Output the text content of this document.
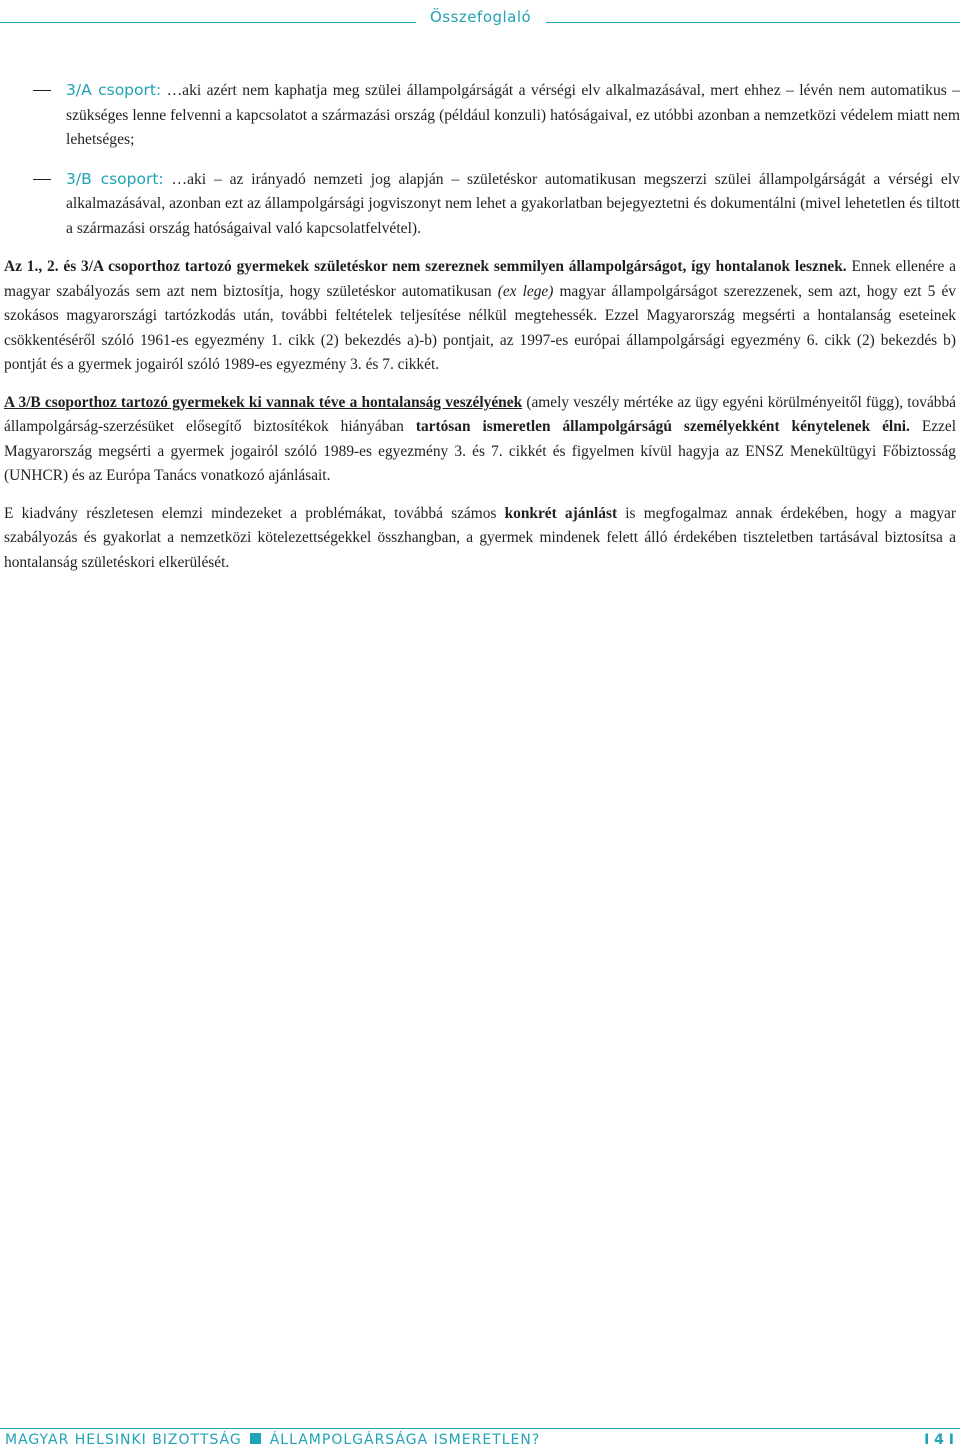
Összefoglaló
3/A csoport: …aki azért nem kaphatja meg szülei állampolgárságát a vérségi elv alkalmazásával, mert ehhez – lévén nem automatikus – szükséges lenne felvenni a kapcsolatot a származási ország (például konzuli) hatóságaival, ez utóbbi azonban a nemzetközi védelem miatt nem lehetséges;
3/B csoport: …aki – az irányadó nemzeti jog alapján – születéskor automatikusan megszerzi szülei állampolgárságát a vérségi elv alkalmazásával, azonban ezt az állampolgársági jogviszonyt nem lehet a gyakorlatban bejegyeztetni és dokumentálni (mivel lehetetlen és tiltott a származási ország hatóságaival való kapcsolatfelvétel).

Az 1., 2. és 3/A csoporthoz tartozó gyermekek születéskor nem szereznek semmilyen állampolgárságot, így hontalanok lesznek. Ennek ellenére a magyar szabályozás sem azt nem biztosítja, hogy születéskor automatikusan (ex lege) magyar állampolgárságot szerezzenek, sem azt, hogy ezt 5 év szokásos magyarországi tartózkodás után, további feltételek teljesítése nélkül megtehessék. Ezzel Magyarország megsérti a hontalanság eseteinek csökkentéséről szóló 1961-es egyezmény 1. cikk (2) bekezdés a)-b) pontjait, az 1997-es európai állampolgársági egyezmény 6. cikk (2) bekezdés b) pontját és a gyermek jogairól szóló 1989-es egyezmény 3. és 7. cikkét.

A 3/B csoporthoz tartozó gyermekek ki vannak téve a hontalanság veszélyének (amely veszély mértéke az ügy egyéni körülményeitől függ), továbbá állampolgárság-szerzésüket elősegítő biztosítékok hiányában tartósan ismeretlen állampolgárságú személyekként kénytelenek élni. Ezzel Magyarország megsérti a gyermek jogairól szóló 1989-es egyezmény 3. és 7. cikkét és figyelmen kívül hagyja az ENSZ Menekültügyi Főbiztosság (UNHCR) és az Európa Tanács vonatkozó ajánlásait.

E kiadvány részletesen elemzi mindezeket a problémákat, továbbá számos konkrét ajánlást is megfogalmaz annak érdekében, hogy a magyar szabályozás és gyakorlat a nemzetközi kötelezettségekkel összhangban, a gyermek mindenek felett álló érdekében tiszteletben tartásával biztosítsa a hontalanság születéskori elkerülését.

MAGYAR HELSINKI BIZOTTSÁG ÁLLAMPOLGÁRSÁGA ISMERETLEN?	I 4 I
